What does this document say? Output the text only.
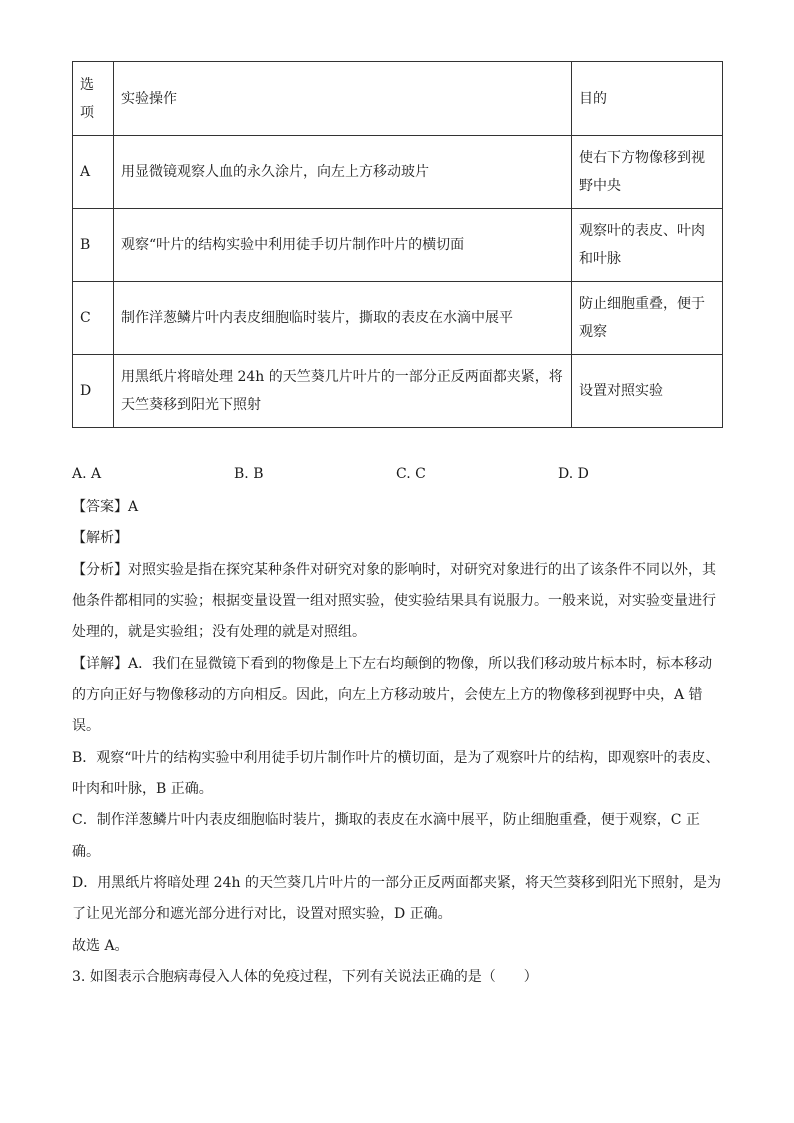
选
项	实验操作	目的
A	用显微镜观察人血的永久涂片，向左上方移动玻片	使右下方物像移到视野中央
B	观察“叶片的结构实验中利用徒手切片制作叶片的横切面	观察叶的表皮、叶肉和叶脉
C	制作洋葱鳞片叶内表皮细胞临时装片，撕取的表皮在水滴中展平	防止细胞重叠，便于观察
D	用黑纸片将暗处理 24h 的天竺葵几片叶片的一部分正反两面都夹紧，将天竺葵移到阳光下照射	设置对照实验
A. A	B. B	C. C	D. D
【答案】A
【解析】
【分析】对照实验是指在探究某种条件对研究对象的影响时，对研究对象进行的出了该条件不同以外，其
他条件都相同的实验；根据变量设置一组对照实验，使实验结果具有说服力。一般来说，对实验变量进行
处理的，就是实验组；没有处理的就是对照组。
【详解】A．我们在显微镜下看到的物像是上下左右均颠倒的物像，所以我们移动玻片标本时，标本移动
的方向正好与物像移动的方向相反。因此，向左上方移动玻片，会使左上方的物像移到视野中央，A 错
误。
B．观察“叶片的结构实验中利用徒手切片制作叶片的横切面，是为了观察叶片的结构，即观察叶的表皮、
叶肉和叶脉，B 正确。
C．制作洋葱鳞片叶内表皮细胞临时装片，撕取的表皮在水滴中展平，防止细胞重叠，便于观察，C 正
确。
D．用黑纸片将暗处理 24h 的天竺葵几片叶片的一部分正反两面都夹紧，将天竺葵移到阳光下照射，是为
了让见光部分和遮光部分进行对比，设置对照实验，D 正确。
故选 A。
3. 如图表示合胞病毒侵入人体的免疫过程，下列有关说法正确的是（　　）
